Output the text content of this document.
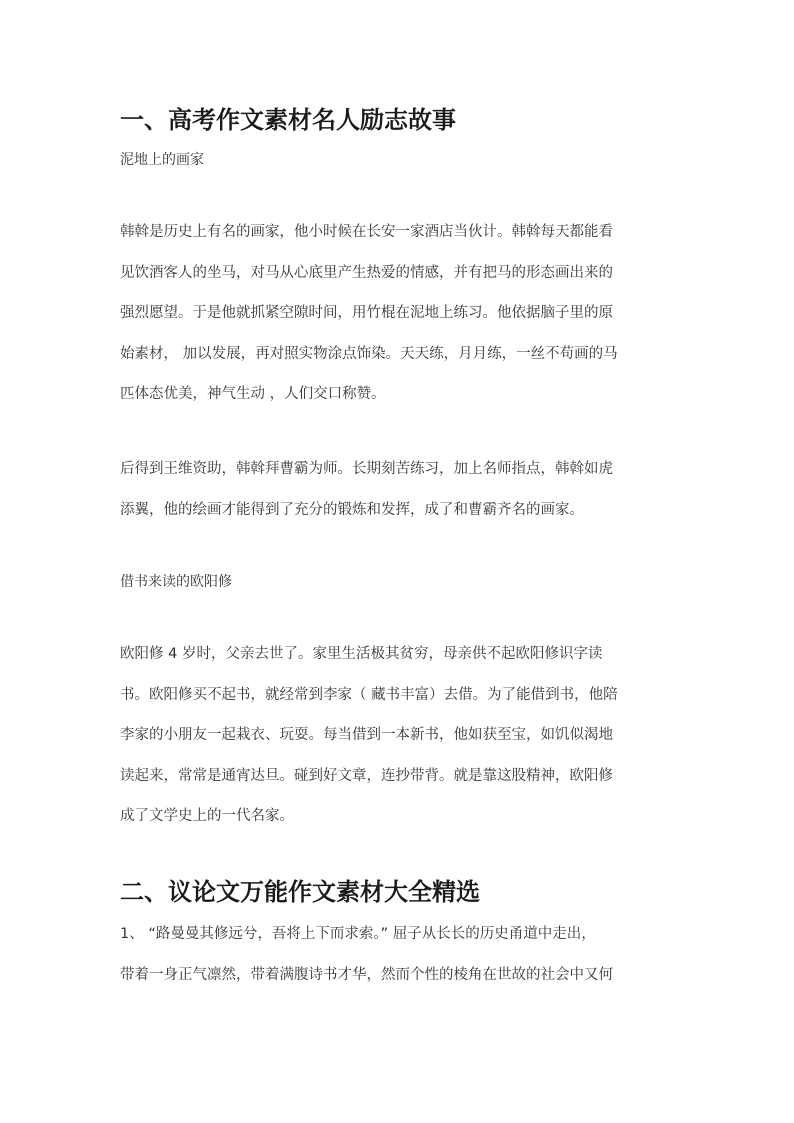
一、高考作文素材名人励志故事

泥地上的画家

韩斡是历史上有名的画家，他小时候在长安一家酒店当伙计。韩斡每天都能看
见饮酒客人的坐马，对马从心底里产生热爱的情感，并有把马的形态画出来的
强烈愿望。于是他就抓紧空隙时间，用竹棍在泥地上练习。他依据脑子里的原
始素材， 加以发展，再对照实物涂点饰染。天天练，月月练，一丝不苟画的马
匹体态优美，神气生动 ，人们交口称赞。
后得到王维资助，韩斡拜曹霸为师。长期刻苦练习，加上名师指点，韩斡如虎
添翼，他的绘画才能得到了充分的锻炼和发挥，成了和曹霸齐名的画家。

借书来读的欧阳修

欧阳修 4 岁时，父亲去世了。家里生活极其贫穷，母亲供不起欧阳修识字读
书。欧阳修买不起书，就经常到李家（ 藏书丰富）去借。为了能借到书，他陪
李家的小朋友一起栽衣、玩耍。每当借到一本新书，他如获至宝，如饥似渴地
读起来，常常是通宵达旦。碰到好文章，连抄带背。就是靠这股精神，欧阳修
成了文学史上的一代名家。
二、议论文万能作文素材大全精选
1、 “路曼曼其修远兮，吾将上下而求索。” 屈子从长长的历史甬道中走出，
带着一身正气凛然，带着满腹诗书才华，然而个性的棱角在世故的社会中又何
